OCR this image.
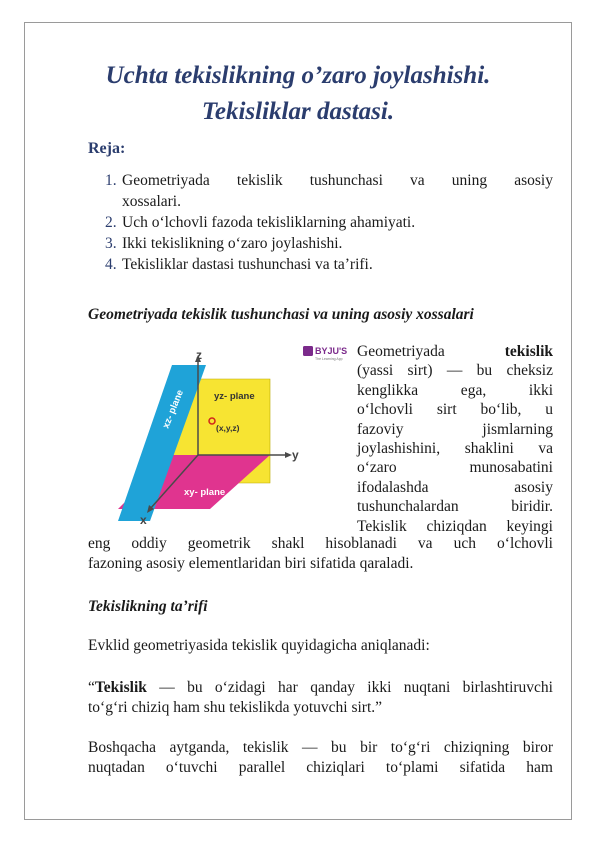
Uchta tekislikning o’zaro joylashishi.
Tekisliklar dastasi.
Reja:
1. Geometriyada tekislik tushunchasi va uning asosiy
xossalari.
2. Uch o‘lchovli fazoda tekisliklarning ahamiyati.
3. Ikki tekislikning o‘zaro joylashishi.
4. Tekisliklar dastasi tushunchasi va ta’rifi.
Geometriyada tekislik tushunchasi va uning asosiy xossalari
z
y
x
yz- plane
xz- plane
xy- plane
(x,y,z)
BYJU'S
The Learning App Geometriyada tekislik
(yassi sirt) — bu cheksiz
kenglikka ega, ikki
o‘lchovli sirt bo‘lib, u
fazoviy jismlarning
joylashishini, shaklini va
o‘zaro munosabatini
ifodalashda asosiy
tushunchalardan biridir.
Tekislik chiziqdan keyingi
eng oddiy geometrik shakl hisoblanadi va uch o‘lchovli
fazoning asosiy elementlaridan biri sifatida qaraladi.
Tekislikning ta’rifi
Evklid geometriyasida tekislik quyidagicha aniqlanadi:
“Tekislik — bu o‘zidagi har qanday ikki nuqtani birlashtiruvchi
to‘g‘ri chiziq ham shu tekislikda yotuvchi sirt.”
Boshqacha aytganda, tekislik — bu bir to‘g‘ri chiziqning biror
nuqtadan o‘tuvchi parallel chiziqlari to‘plami sifatida ham
